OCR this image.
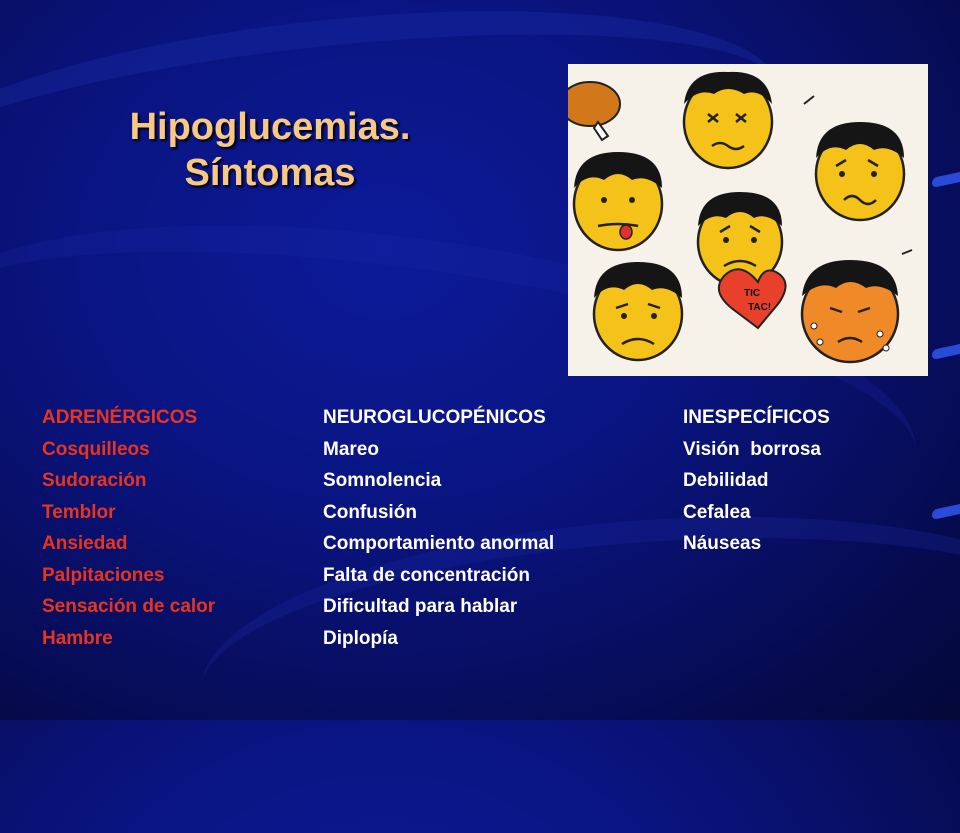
Hipoglucemias.
Síntomas
TIC
TAC!
ADRENÉRGICOS
Cosquilleos
Sudoración
Temblor
Ansiedad
Palpitaciones
Sensación de calor
Hambre
NEUROGLUCOPÉNICOS
Mareo
Somnolencia
Confusión
Comportamiento anormal
Falta de concentración
Dificultad para hablar
Diplopía
INESPECÍFICOS
Visión  borrosa
Debilidad
Cefalea
Náuseas
